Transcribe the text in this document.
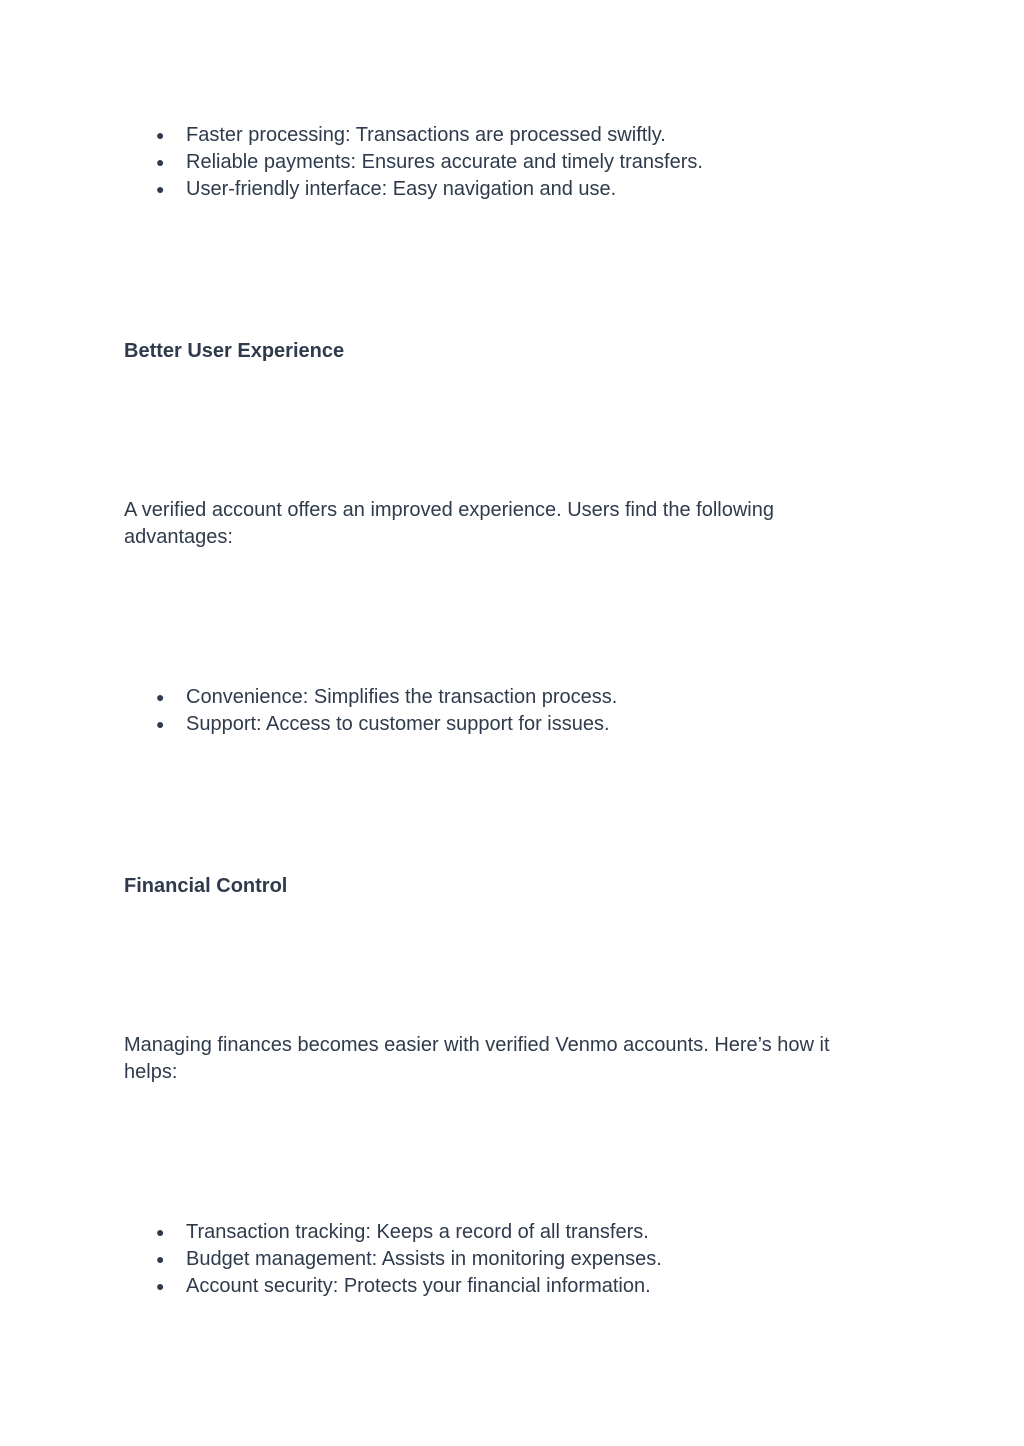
● Faster processing: Transactions are processed swiftly.
● Reliable payments: Ensures accurate and timely transfers.
● User-friendly interface: Easy navigation and use.
Better User Experience

A verified account offers an improved experience. Users find the following advantages:

● Convenience: Simplifies the transaction process.
● Support: Access to customer support for issues.
Financial Control

Managing finances becomes easier with verified Venmo accounts. Here’s how it helps:

● Transaction tracking: Keeps a record of all transfers.
● Budget management: Assists in monitoring expenses.
● Account security: Protects your financial information.
